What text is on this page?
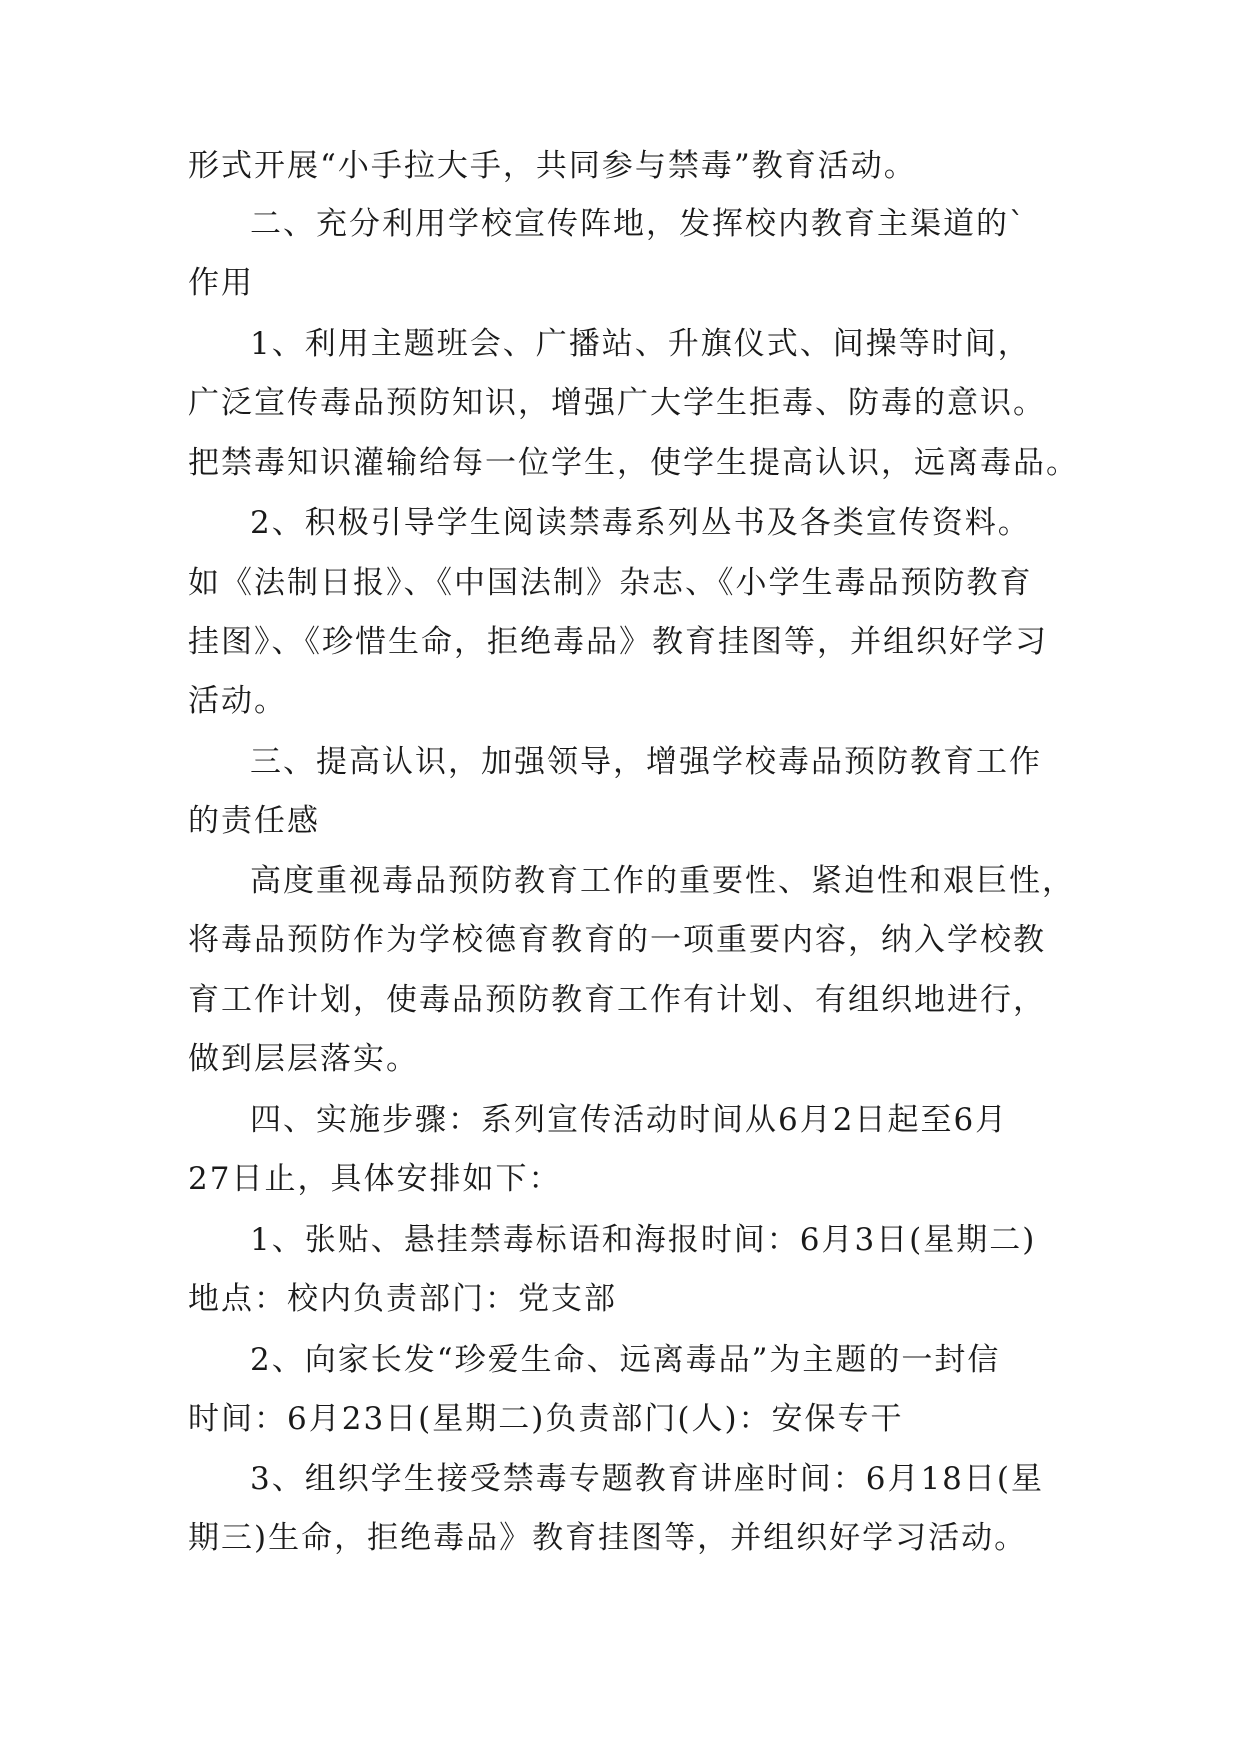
形式开展“小手拉大手，共同参与禁毒”教育活动。

二、充分利用学校宣传阵地，发挥校内教育主渠道的`

作用

1、利用主题班会、广播站、升旗仪式、间操等时间，

广泛宣传毒品预防知识，增强广大学生拒毒、防毒的意识。

把禁毒知识灌输给每一位学生，使学生提高认识，远离毒品。

2、积极引导学生阅读禁毒系列丛书及各类宣传资料。

如《法制日报》、《中国法制》杂志、《小学生毒品预防教育

挂图》、《珍惜生命，拒绝毒品》教育挂图等，并组织好学习

活动。

三、提高认识，加强领导，增强学校毒品预防教育工作

的责任感

高度重视毒品预防教育工作的重要性、紧迫性和艰巨性，

将毒品预防作为学校德育教育的一项重要内容，纳入学校教

育工作计划，使毒品预防教育工作有计划、有组织地进行，

做到层层落实。

四、实施步骤：系列宣传活动时间从6月2日起至6月

27日止，具体安排如下：

1、张贴、悬挂禁毒标语和海报时间：6月3日(星期二)

地点：校内负责部门：党支部

2、向家长发“珍爱生命、远离毒品”为主题的一封信

时间：6月23日(星期二)负责部门(人)：安保专干

3、组织学生接受禁毒专题教育讲座时间：6月18日(星

期三)生命，拒绝毒品》教育挂图等，并组织好学习活动。
